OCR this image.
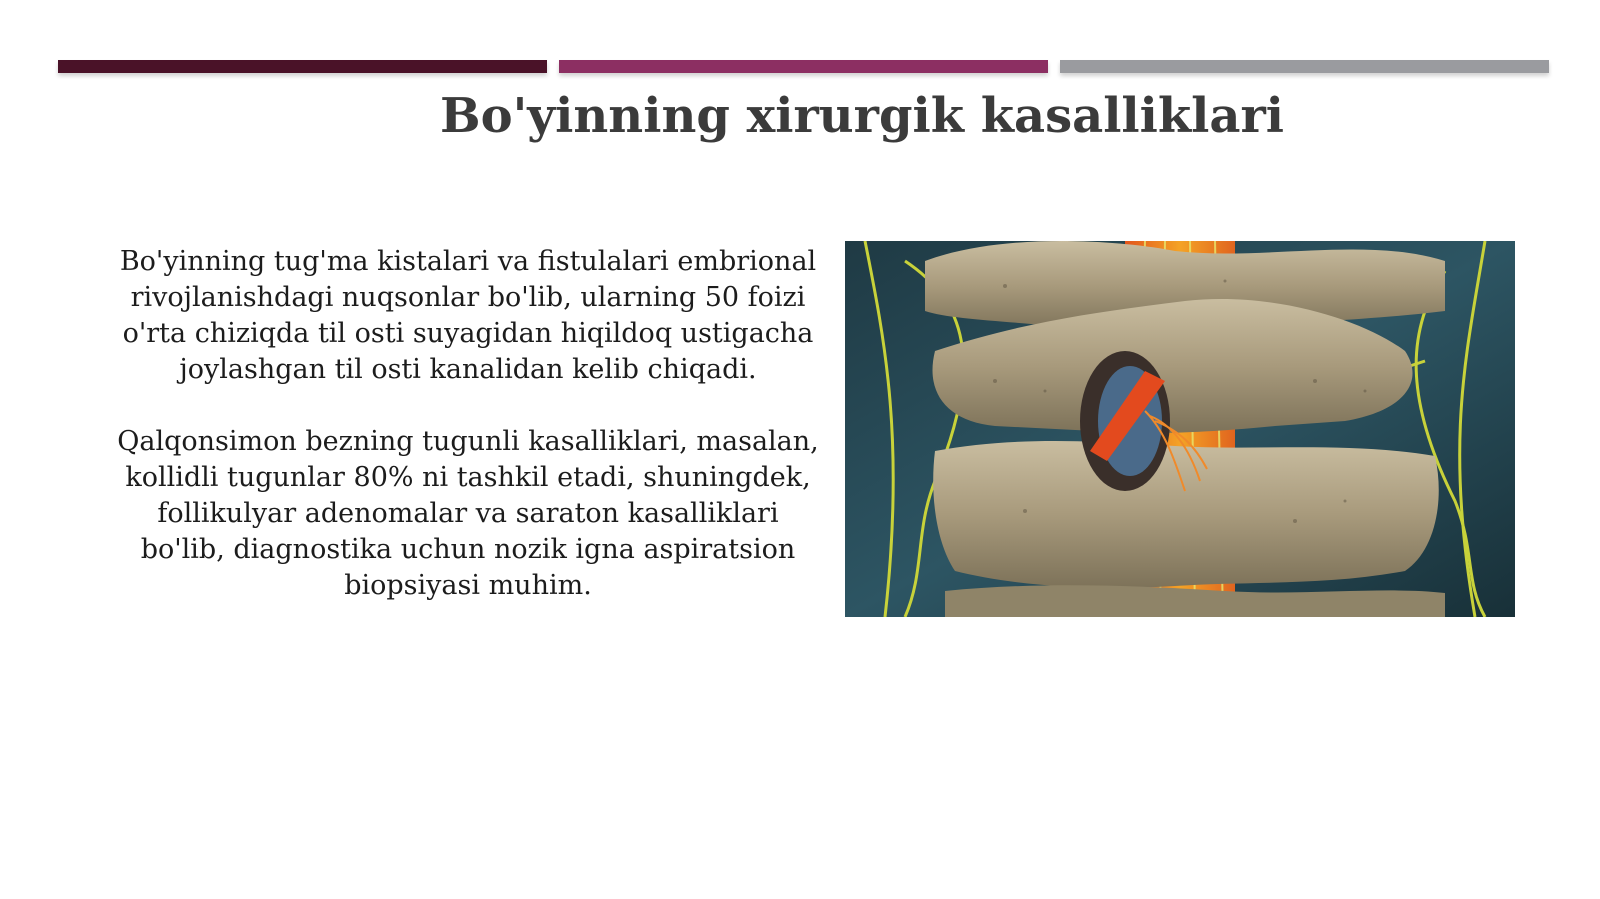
Bo'yinning xirurgik kasalliklari

Bo'yinning tug'ma kistalari va fistulalari embrional rivojlanishdagi nuqsonlar bo'lib, ularning 50 foizi o'rta chiziqda til osti suyagidan hiqildoq ustigacha joylashgan til osti kanalidan kelib chiqadi.

Qalqonsimon bezning tugunli kasalliklari, masalan, kollidli tugunlar 80% ni tashkil etadi, shuningdek, follikulyar adenomalar va saraton kasalliklari bo'lib, diagnostika uchun nozik igna aspiratsion biopsiyasi muhim.
